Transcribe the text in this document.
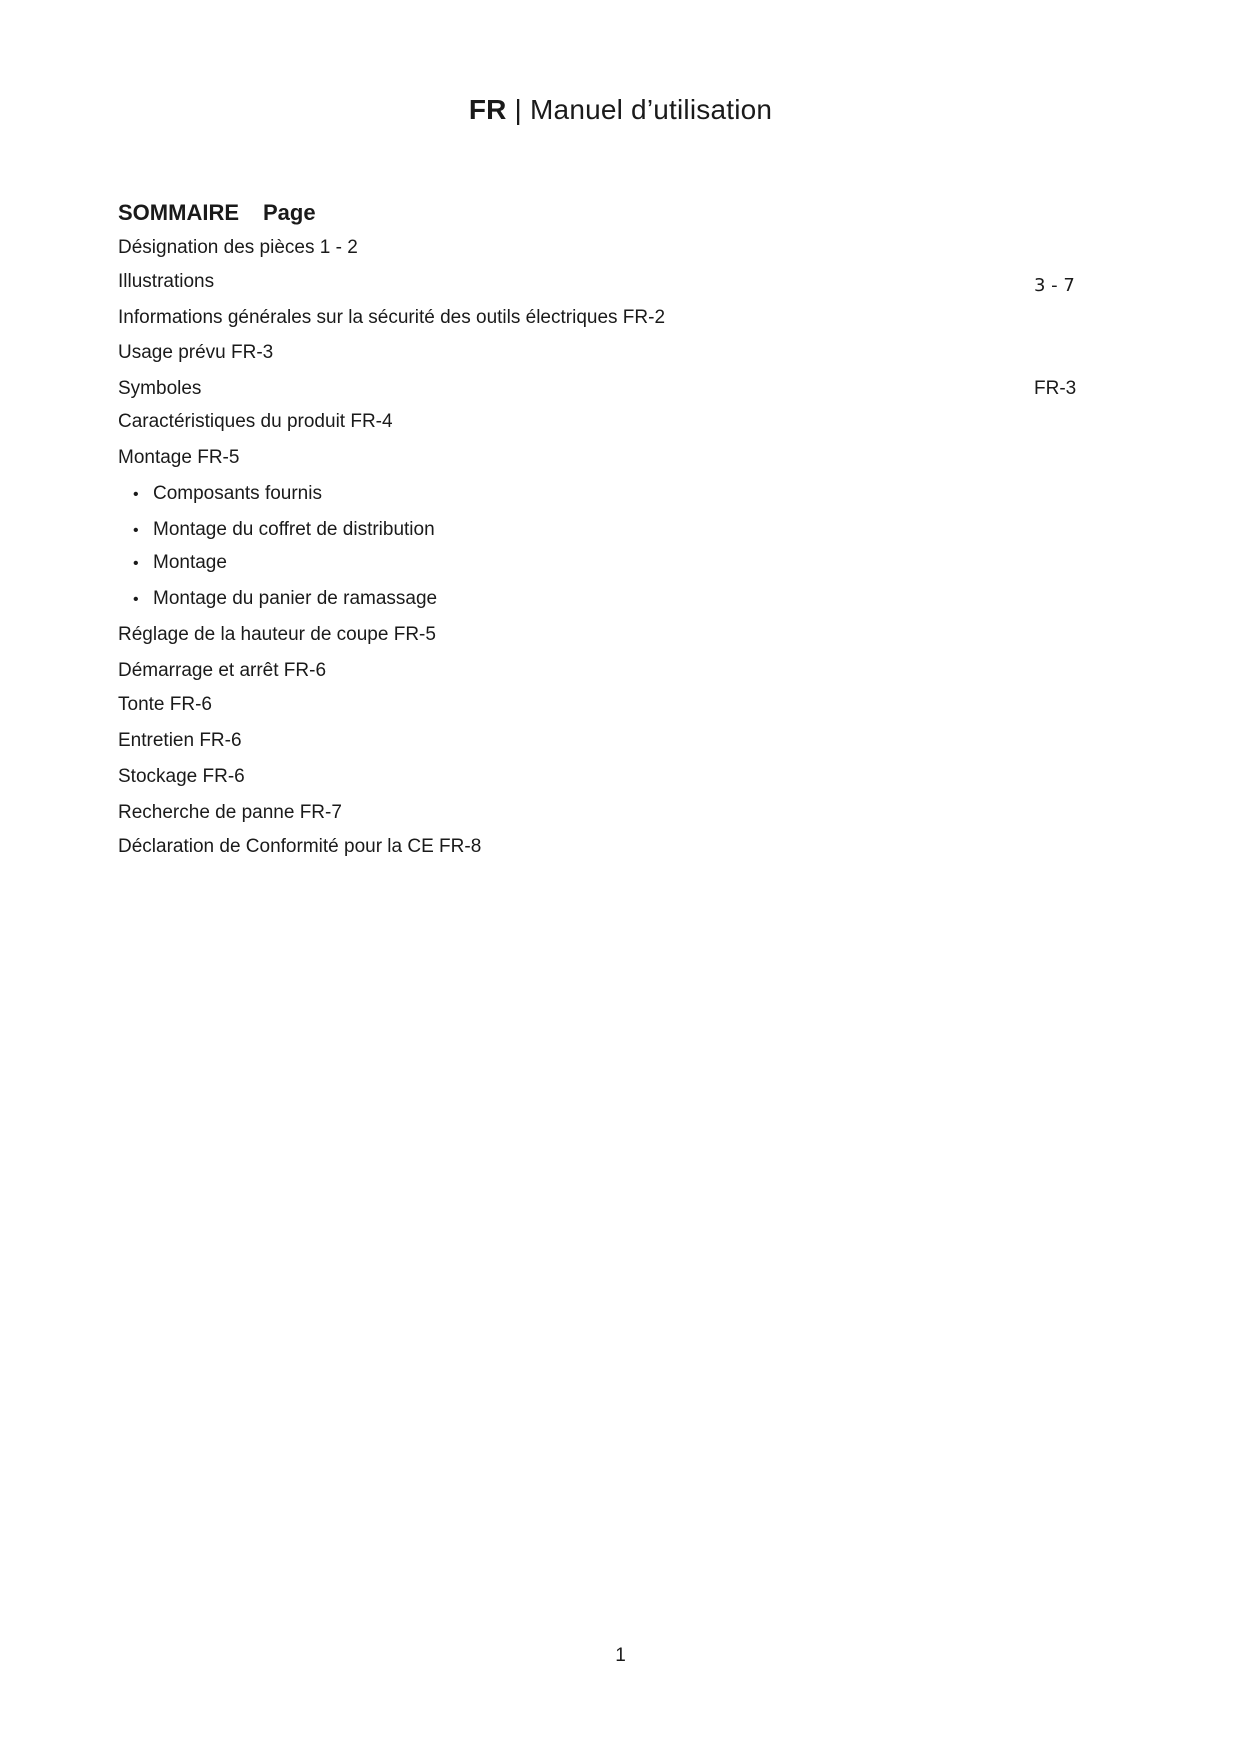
FR | Manuel d’utilisation
SOMMAIRE Page
Désignation des pièces 1 - 2
Illustrations	3 - 7
Informations générales sur la sécurité des outils électriques FR-2
Usage prévu FR-3
Symboles	FR-3
Caractéristiques du produit FR-4
Montage FR-5
• Composants fournis
• Montage du coffret de distribution
• Montage
• Montage du panier de ramassage
Réglage de la hauteur de coupe FR-5
Démarrage et arrêt FR-6
Tonte FR-6
Entretien FR-6
Stockage FR-6
Recherche de panne FR-7
Déclaration de Conformité pour la CE FR-8
1
